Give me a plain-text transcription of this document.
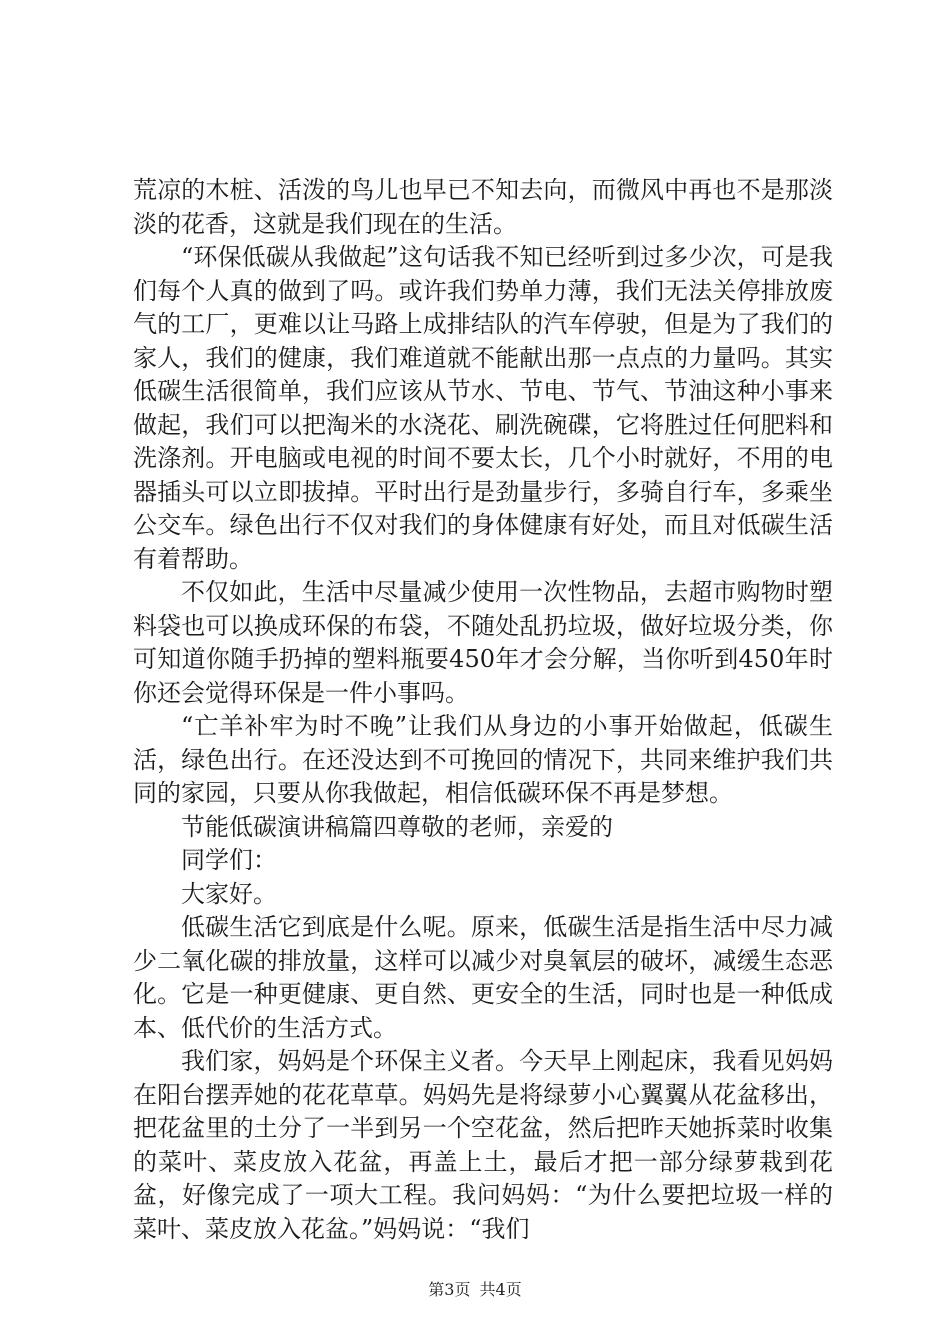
荒凉的木桩、活泼的鸟儿也早已不知去向，而微风中再也不是那淡淡的花香，这就是我们现在的生活。

“环保低碳从我做起”这句话我不知已经听到过多少次，可是我们每个人真的做到了吗。或许我们势单力薄，我们无法关停排放废气的工厂，更难以让马路上成排结队的汽车停驶，但是为了我们的家人，我们的健康，我们难道就不能献出那一点点的力量吗。其实低碳生活很简单，我们应该从节水、节电、节气、节油这种小事来做起，我们可以把淘米的水浇花、刷洗碗碟，它将胜过任何肥料和洗涤剂。开电脑或电视的时间不要太长，几个小时就好，不用的电器插头可以立即拔掉。平时出行是劲量步行，多骑自行车，多乘坐公交车。绿色出行不仅对我们的身体健康有好处，而且对低碳生活有着帮助。

不仅如此，生活中尽量减少使用一次性物品，去超市购物时塑料袋也可以换成环保的布袋，不随处乱扔垃圾，做好垃圾分类，你可知道你随手扔掉的塑料瓶要450年才会分解，当你听到450年时你还会觉得环保是一件小事吗。

“亡羊补牢为时不晚”让我们从身边的小事开始做起，低碳生活，绿色出行。在还没达到不可挽回的情况下，共同来维护我们共同的家园，只要从你我做起，相信低碳环保不再是梦想。

节能低碳演讲稿篇四尊敬的老师，亲爱的

同学们：

大家好。

低碳生活它到底是什么呢。原来，低碳生活是指生活中尽力减少二氧化碳的排放量，这样可以减少对臭氧层的破坏，减缓生态恶化。它是一种更健康、更自然、更安全的生活，同时也是一种低成本、低代价的生活方式。

我们家，妈妈是个环保主义者。今天早上刚起床，我看见妈妈在阳台摆弄她的花花草草。妈妈先是将绿萝小心翼翼从花盆移出，把花盆里的土分了一半到另一个空花盆，然后把昨天她拆菜时收集的菜叶、菜皮放入花盆，再盖上土，最后才把一部分绿萝栽到花盆，好像完成了一项大工程。我问妈妈：“为什么要把垃圾一样的菜叶、菜皮放入花盆。”妈妈说：“我们

第3页 共4页
